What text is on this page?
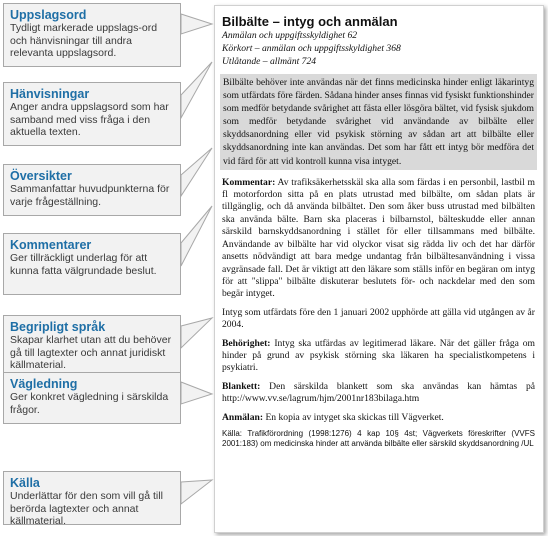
Uppslagsord
Tydligt markerade uppslags-ord och hänvisningar till andra relevanta uppslagsord.
Hänvisningar
Anger andra uppslagsord som har samband med viss fråga i den aktuella texten.
Översikter
Sammanfattar huvudpunkterna för varje frågeställning.
Kommentarer
Ger tillräckligt underlag för att kunna fatta välgrundade beslut.
Begripligt språk
Skapar klarhet utan att du behöver gå till lagtexter och annat juridiskt källmaterial.
Vägledning
Ger konkret vägledning i särskilda frågor.
Källa
Underlättar för den som vill gå till berörda lagtexter och annat källmaterial.
Bilbälte – intyg och anmälan
Anmälan och uppgiftsskyldighet 62
Körkort – anmälan och uppgiftsskyldighet 368
Utlåtande – allmänt 724
Bilbälte behöver inte användas när det finns medicinska hinder enligt läkarintyg som utfärdats före färden. Sådana hinder anses finnas vid fysiskt funktionshinder som medför betydande svårighet att fästa eller lösgöra bältet, vid fysisk sjukdom som medför betydande svårighet vid användande av bilbälte eller skyddsanordning eller vid psykisk störning av sådan art att bilbälte eller skyddsanordning inte kan användas. Det som har fått ett intyg bör medföra det vid färd för att vid kontroll kunna visa intyget.

Kommentar: Av trafiksäkerhetsskäl ska alla som färdas i en personbil, lastbil m fl motorfordon sitta på en plats utrustad med bilbälte, om sådan plats är tillgänglig, och då använda bilbältet. Den som åker buss utrustad med bilbälten ska använda bälte. Barn ska placeras i bilbarnstol, bälteskudde eller annan särskild barnskyddsanordning i stället för eller tillsammans med bilbälte. Användande av bilbälte har vid olyckor visat sig rädda liv och det har därför ansetts nödvändigt att bara medge undantag från bilbältesanvändning i vissa avgränsade fall. Det är viktigt att den läkare som ställs inför en begäran om intyg för att "slippa" bilbälte diskuterar beslutets för- och nackdelar med den som begär intyget.

Intyg som utfärdats före den 1 januari 2002 upphörde att gälla vid utgången av år 2004.

Behörighet: Intyg ska utfärdas av legitimerad läkare. När det gäller fråga om hinder på grund av psykisk störning ska läkaren ha specialistkompetens i psykiatri.

Blankett: Den särskilda blankett som ska användas kan hämtas på http://www.vv.se/lagrum/hjm/2001nr183bilaga.htm

Anmälan: En kopia av intyget ska skickas till Vägverket.

Källa: Trafikförordning (1998:1276) 4 kap 10§ 4st; Vägverkets föreskrifter (VVFS 2001:183) om medicinska hinder att använda bilbälte eller särskild skyddsanordning /UL
